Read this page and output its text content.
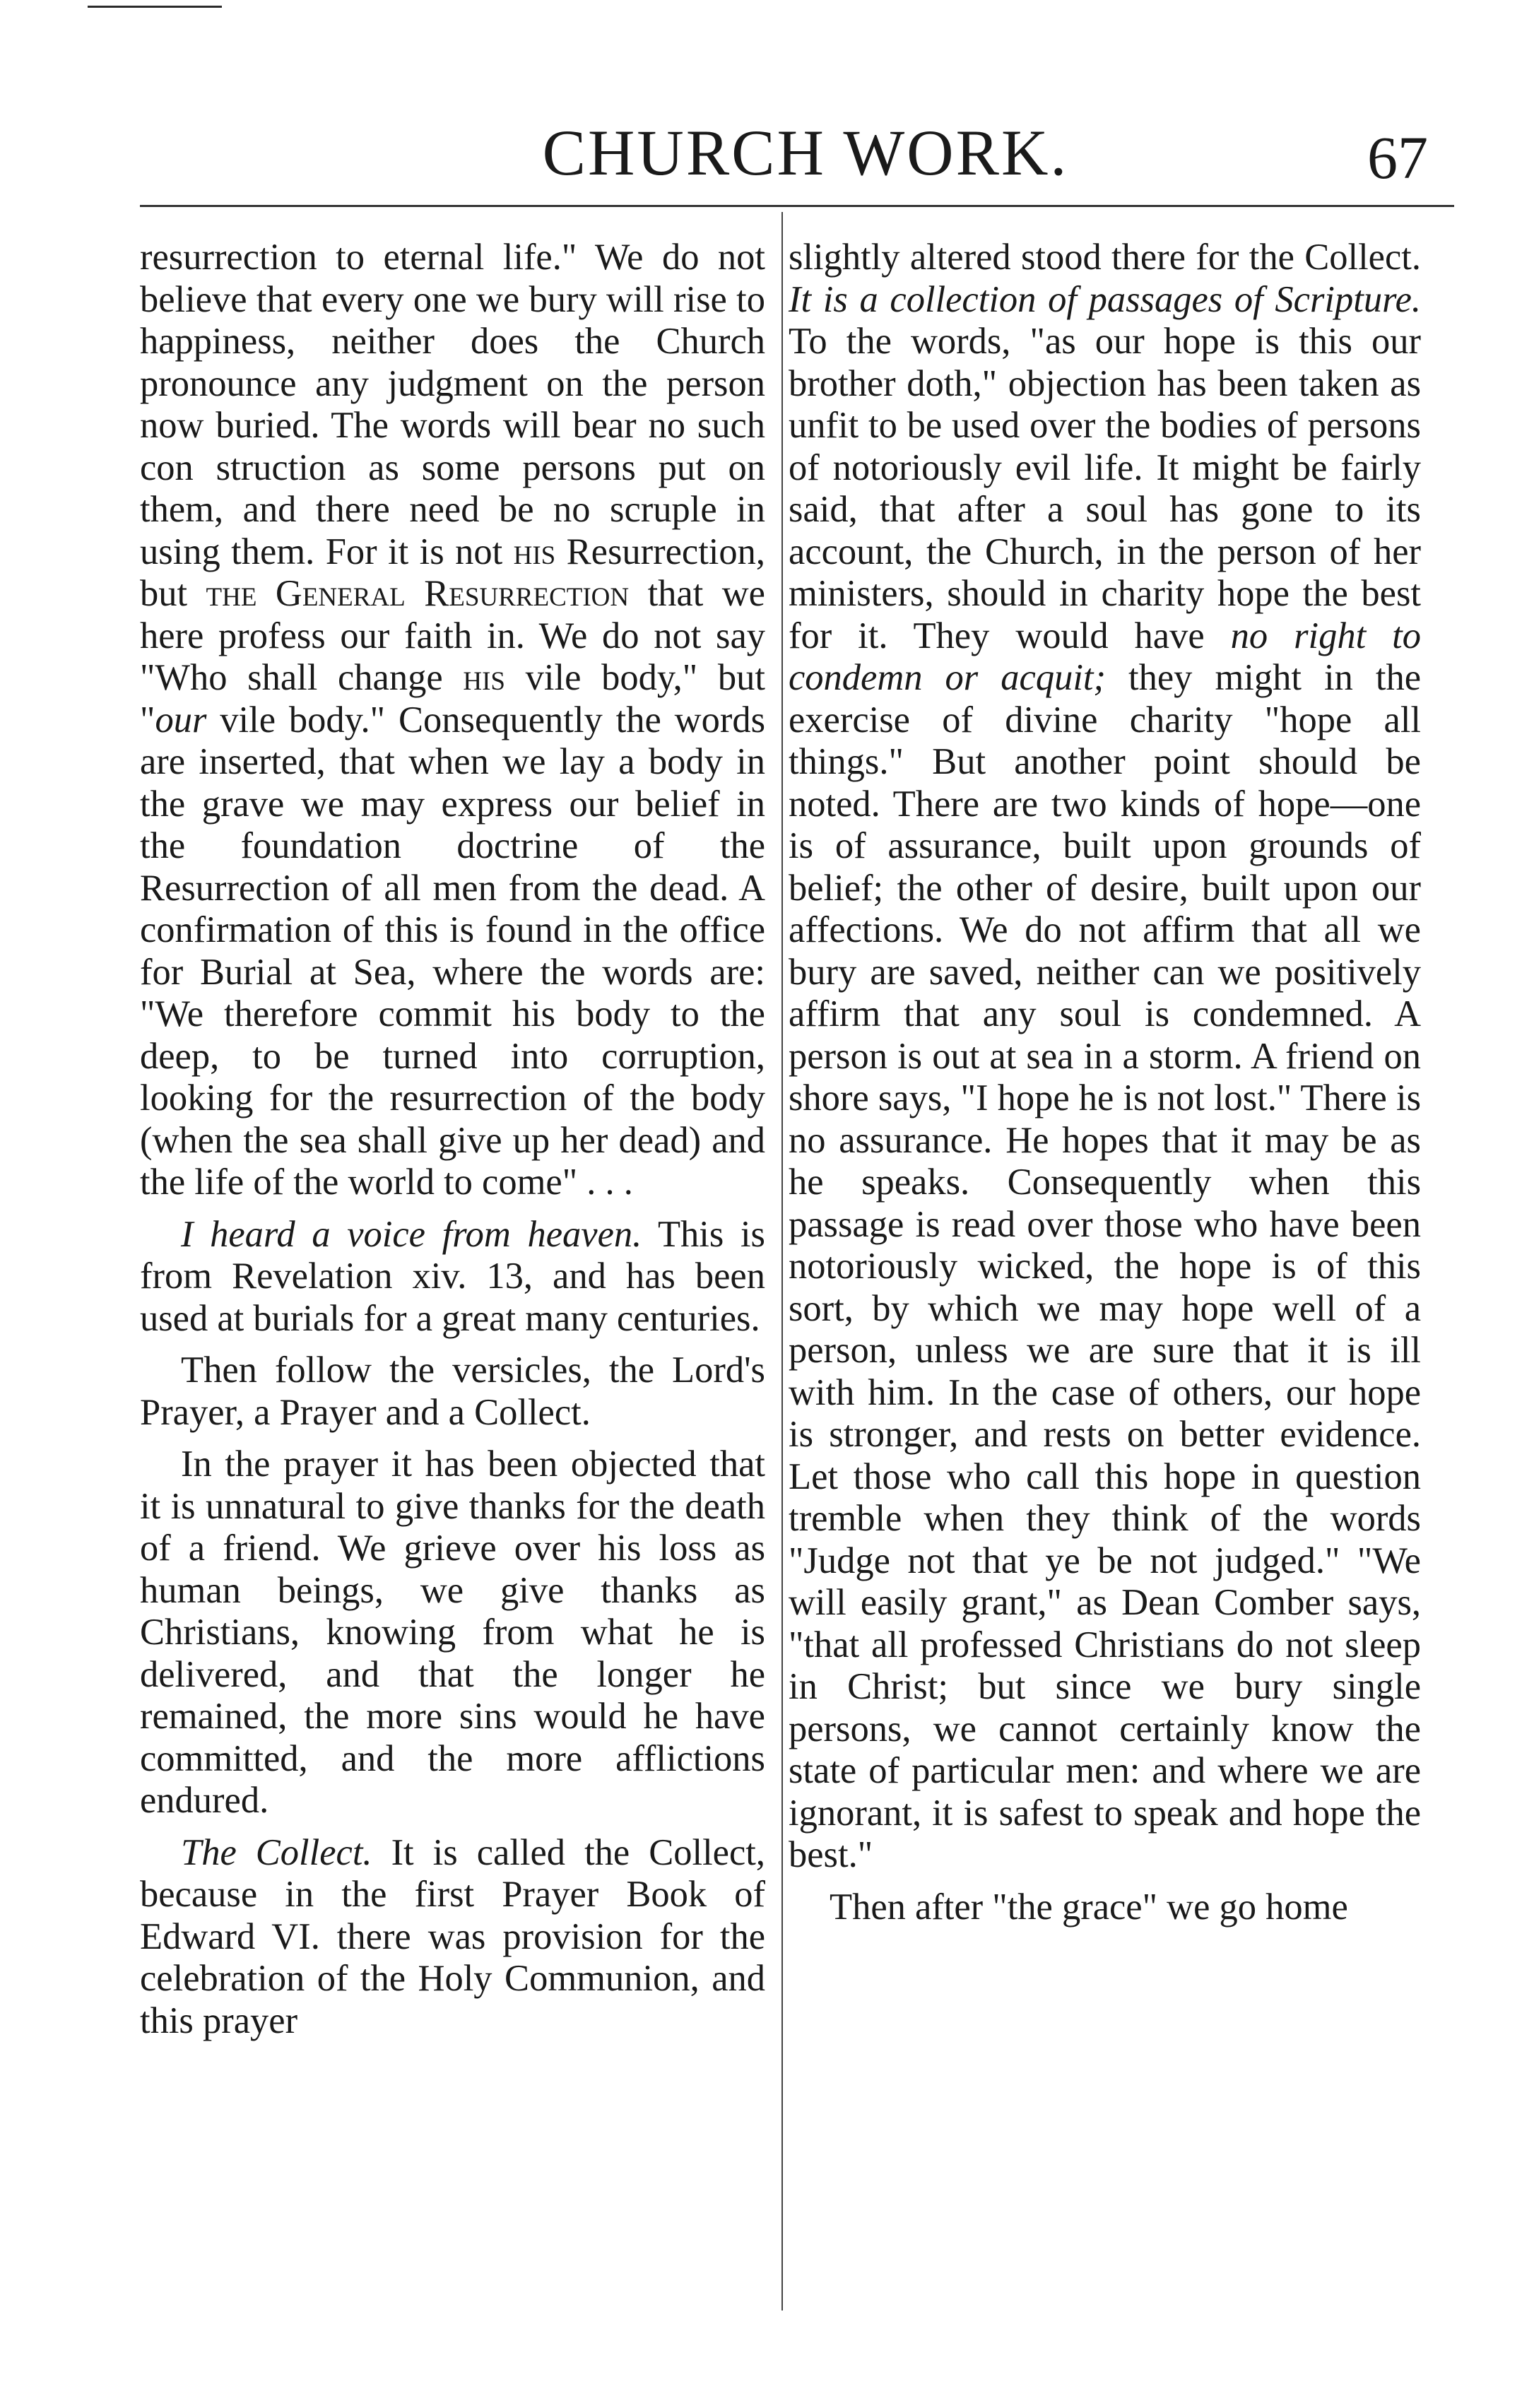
CHURCH WORK.	67

resurrection to eternal life." We do not believe that every one we bury will rise to happiness, neither does the Church pronounce any judgment on the person now buried. The words will bear no such con struction as some persons put on them, and there need be no scruple in using them. For it is not his Resurrection, but the General Resurrection that we here profess our faith in. We do not say "Who shall change his vile body," but "our vile body." Consequently the words are inserted, that when we lay a body in the grave we may express our belief in the foundation doctrine of the Resurrection of all men from the dead. A confirmation of this is found in the office for Burial at Sea, where the words are: "We therefore commit his body to the deep, to be turned into corruption, looking for the resurrection of the body (when the sea shall give up her dead) and the life of the world to come" . . .

I heard a voice from heaven. This is from Revelation xiv. 13, and has been used at burials for a great many centuries.

Then follow the versicles, the Lord's Prayer, a Prayer and a Collect.

In the prayer it has been objected that it is unnatural to give thanks for the death of a friend. We grieve over his loss as human beings, we give thanks as Christians, knowing from what he is delivered, and that the longer he remained, the more sins would he have committed, and the more afflictions endured.

The Collect. It is called the Collect, because in the first Prayer Book of Edward VI. there was provision for the celebration of the Holy Communion, and this prayer

slightly altered stood there for the Collect. It is a collection of passages of Scripture. To the words, "as our hope is this our brother doth," objection has been taken as unfit to be used over the bodies of persons of notoriously evil life. It might be fairly said, that after a soul has gone to its account, the Church, in the person of her ministers, should in charity hope the best for it. They would have no right to condemn or acquit; they might in the exercise of divine charity "hope all things." But another point should be noted. There are two kinds of hope—one is of assurance, built upon grounds of belief; the other of desire, built upon our affections. We do not affirm that all we bury are saved, neither can we positively affirm that any soul is condemned. A person is out at sea in a storm. A friend on shore says, "I hope he is not lost." There is no assurance. He hopes that it may be as he speaks. Consequently when this passage is read over those who have been notoriously wicked, the hope is of this sort, by which we may hope well of a person, unless we are sure that it is ill with him. In the case of others, our hope is stronger, and rests on better evidence. Let those who call this hope in question tremble when they think of the words "Judge not that ye be not judged." "We will easily grant," as Dean Comber says, "that all professed Christians do not sleep in Christ; but since we bury single persons, we cannot certainly know the state of particular men: and where we are ignorant, it is safest to speak and hope the best."

Then after "the grace" we go home
